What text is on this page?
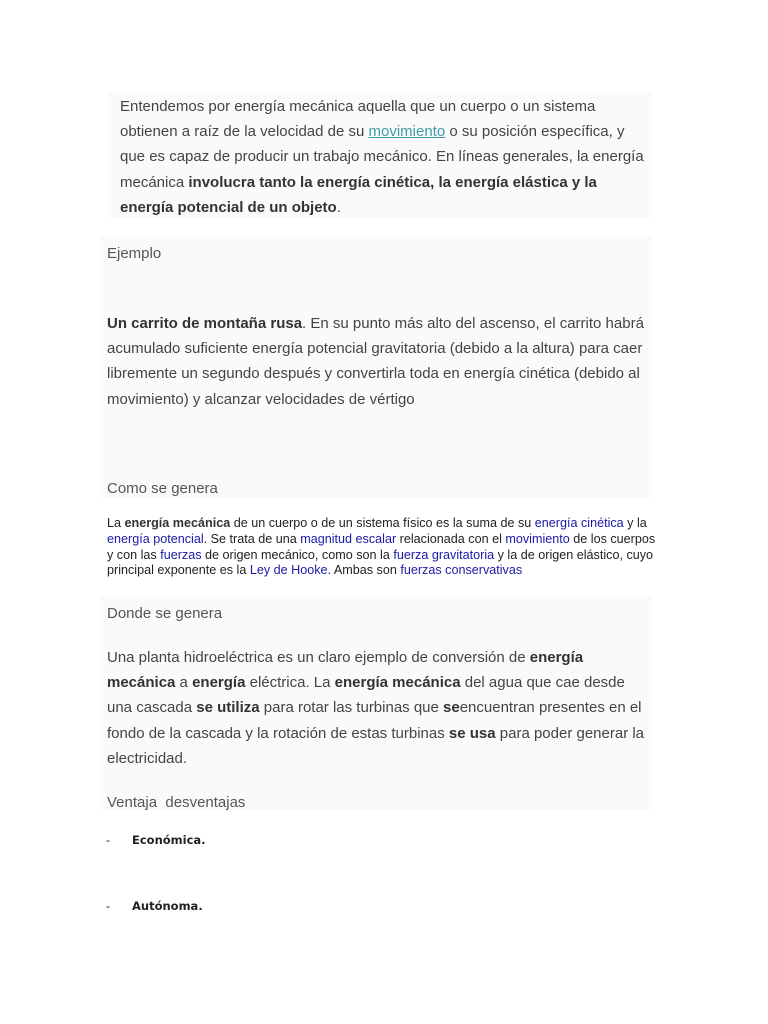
Entendemos por energía mecánica aquella que un cuerpo o un sistema obtienen a raíz de la velocidad de su movimiento o su posición específica, y que es capaz de producir un trabajo mecánico. En líneas generales, la energía mecánica involucra tanto la energía cinética, la energía elástica y la energía potencial de un objeto.

Ejemplo

Un carrito de montaña rusa. En su punto más alto del ascenso, el carrito habrá acumulado suficiente energía potencial gravitatoria (debido a la altura) para caer libremente un segundo después y convertirla toda en energía cinética (debido al movimiento) y alcanzar velocidades de vértigo

Como se genera

La energía mecánica de un cuerpo o de un sistema físico es la suma de su energía cinética y la energía potencial. Se trata de una magnitud escalar relacionada con el movimiento de los cuerpos y con las fuerzas de origen mecánico, como son la fuerza gravitatoria y la de origen elástico, cuyo principal exponente es la Ley de Hooke. Ambas son fuerzas conservativas

Donde se genera

Una planta hidroeléctrica es un claro ejemplo de conversión de energía mecánica a energía eléctrica. La energía mecánica del agua que cae desde una cascada se utiliza para rotar las turbinas que seencuentran presentes en el fondo de la cascada y la rotación de estas turbinas se usa para poder generar la electricidad.

Ventaja  desventajas

- Económica.
- Autónoma.
